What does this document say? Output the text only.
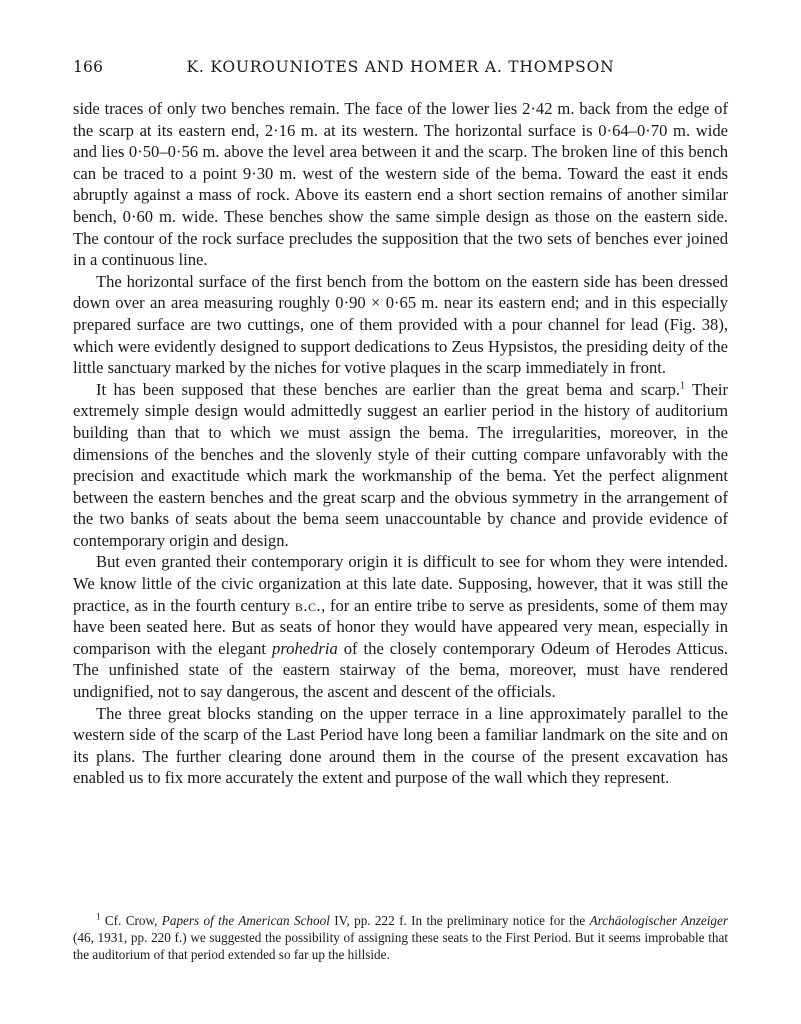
166	K. KOUROUNIOTES AND HOMER A. THOMPSON

side traces of only two benches remain. The face of the lower lies 2·42 m. back from the edge of the scarp at its eastern end, 2·16 m. at its western. The horizontal surface is 0·64–0·70 m. wide and lies 0·50–0·56 m. above the level area between it and the scarp. The broken line of this bench can be traced to a point 9·30 m. west of the western side of the bema. Toward the east it ends abruptly against a mass of rock. Above its eastern end a short section remains of another similar bench, 0·60 m. wide. These benches show the same simple design as those on the eastern side. The contour of the rock surface precludes the supposition that the two sets of benches ever joined in a continuous line.

The horizontal surface of the first bench from the bottom on the eastern side has been dressed down over an area measuring roughly 0·90 × 0·65 m. near its eastern end; and in this especially prepared surface are two cuttings, one of them provided with a pour channel for lead (Fig. 38), which were evidently designed to support dedications to Zeus Hypsistos, the presiding deity of the little sanctuary marked by the niches for votive plaques in the scarp immediately in front.

It has been supposed that these benches are earlier than the great bema and scarp.$^1$ Their extremely simple design would admittedly suggest an earlier period in the history of auditorium building than that to which we must assign the bema. The irregularities, moreover, in the dimensions of the benches and the slovenly style of their cutting compare unfavorably with the precision and exactitude which mark the workmanship of the bema. Yet the perfect alignment between the eastern benches and the great scarp and the obvious symmetry in the arrangement of the two banks of seats about the bema seem unaccountable by chance and provide evidence of contemporary origin and design.

But even granted their contemporary origin it is difficult to see for whom they were intended. We know little of the civic organization at this late date. Supposing, however, that it was still the practice, as in the fourth century b.c., for an entire tribe to serve as presidents, some of them may have been seated here. But as seats of honor they would have appeared very mean, especially in comparison with the elegant prohedria of the closely contemporary Odeum of Herodes Atticus. The unfinished state of the eastern stairway of the bema, moreover, must have rendered undignified, not to say dangerous, the ascent and descent of the officials.

The three great blocks standing on the upper terrace in a line approximately parallel to the western side of the scarp of the Last Period have long been a familiar landmark on the site and on its plans. The further clearing done around them in the course of the present excavation has enabled us to fix more accurately the extent and purpose of the wall which they represent.

$^1$ Cf. Crow, Papers of the American School IV, pp. 222 f. In the preliminary notice for the Archäologischer Anzeiger (46, 1931, pp. 220 f.) we suggested the possibility of assigning these seats to the First Period. But it seems improbable that the auditorium of that period extended so far up the hillside.
